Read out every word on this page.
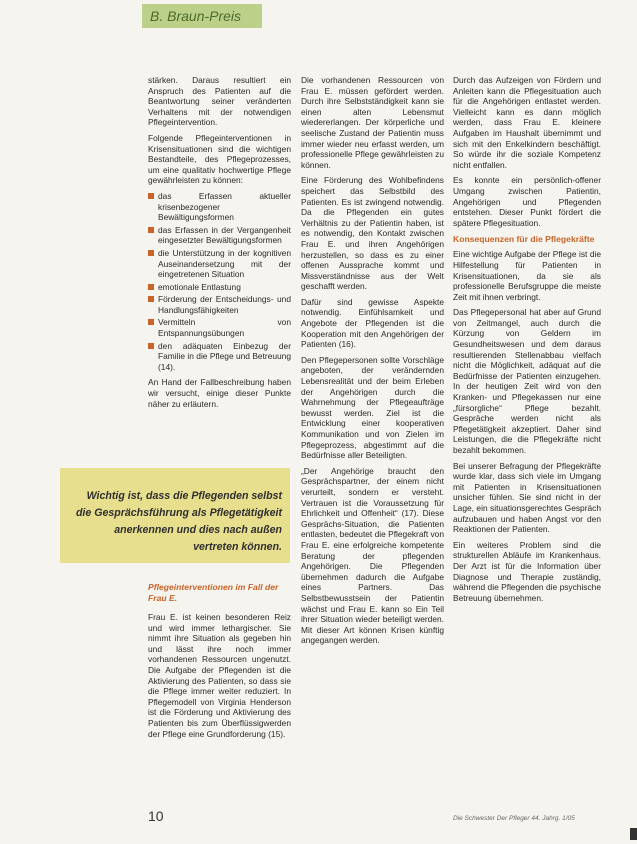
B. Braun-Preis

stärken. Daraus resultiert ein Anspruch des Patienten auf die Beantwortung seiner veränderten Verhaltens mit der notwendigen Pflegeintervention.

Folgende Pflegeinterventionen in Krisensituationen sind die wichtigen Bestandteile, des Pflegeprozesses, um eine qualitativ hochwertige Pflege gewährleisten zu können:

das Erfassen aktueller krisenbezogener Bewältigungsformen
das Erfassen in der Vergangenheit eingesetzter Bewältigungsformen
die Unterstützung in der kognitiven Auseinandersetzung mit der eingetretenen Situation
emotionale Entlastung
Förderung der Entscheidungs- und Handlungsfähigkeiten
Vermitteln von Entspannungsübungen
den adäquaten Einbezug der Familie in die Pflege und Betreuung (14).

An Hand der Fallbeschreibung haben wir versucht, einige dieser Punkte näher zu erläutern.

Wichtig ist, dass die Pflegenden selbst die Gesprächsführung als Pflegetätigkeit anerkennen und dies nach außen vertreten können.
Pflegeinterventionen im Fall der Frau E.

Frau E. ist keinen besonderen Reiz und wird immer lethargischer. Sie nimmt ihre Situation als gegeben hin und lässt ihre noch immer vorhandenen Ressourcen ungenutzt. Die Aufgabe der Pflegenden ist die Aktivierung des Patienten, so dass sie die Pflege immer weiter reduziert. In Pflegemodell von Virginia Henderson ist die Förderung und Aktivierung des Patienten bis zum Überflüssigwerden der Pflege eine Grundforderung (15).

Die vorhandenen Ressourcen von Frau E. müssen gefördert werden. Durch ihre Selbstständigkeit kann sie einen alten Lebensmut wiedererlangen. Der körperliche und seelische Zustand der Patientin muss immer wieder neu erfasst werden, um professionelle Pflege gewährleisten zu können.

Eine Förderung des Wohlbefindens speichert das Selbstbild des Patienten. Es ist zwingend notwendig. Da die Pflegenden ein gutes Verhältnis zu der Patientin haben, ist es notwendig, den Kontakt zwischen Frau E. und ihren Angehörigen herzustellen, so dass es zu einer offenen Aussprache kommt und Missverständnisse aus der Welt geschafft werden.

Dafür sind gewisse Aspekte notwendig. Einfühlsamkeit und Angebote der Pflegenden ist die Kooperation mit den Angehörigen der Patienten (16).

Den Pflegepersonen sollte Vorschläge angeboten, der verändernden Lebensrealität und der beim Erleben der Angehörigen durch die Wahrnehmung der Pflegeaufträge bewusst werden. Ziel ist die Entwicklung einer kooperativen Kommunikation und von Zielen im Pflegeprozess, abgestimmt auf die Bedürfnisse aller Beteiligten.

„Der Angehörige braucht den Gesprächspartner, der einem nicht verurteilt, sondern er versteht. Vertrauen ist die Voraussetzung für Ehrlichkeit und Offenheit“ (17). Diese Gesprächs-Situation, die Patienten entlasten, bedeutet die Pflegekraft von Frau E. eine erfolgreiche kompetente Beratung der pflegenden Angehörigen. Die Pflegenden übernehmen dadurch die Aufgabe eines Partners. Das Selbstbewusstsein der Patientin wächst und Frau E. kann so Ein Teil ihrer Situation wieder beteiligt werden. Mit dieser Art können Krisen künftig angegangen werden.

Durch das Aufzeigen von Fördern und Anleiten kann die Pflegesituation auch für die Angehörigen entlastet werden. Vielleicht kann es dann möglich werden, dass Frau E. kleinere Aufgaben im Haushalt übernimmt und sich mit den Enkelkindern beschäftigt. So würde ihr die soziale Kompetenz nicht entfallen.

Es konnte ein persönlich-offener Umgang zwischen Patientin, Angehörigen und Pflegenden entstehen. Dieser Punkt fördert die spätere Pflegesituation.

Konsequenzen für die Pflegekräfte

Eine wichtige Aufgabe der Pflege ist die Hilfestellung für Patienten in Krisensituationen, da sie als professionelle Berufsgruppe die meiste Zeit mit ihnen verbringt.

Das Pflegepersonal hat aber auf Grund von Zeitmangel, auch durch die Kürzung von Geldern im Gesundheitswesen und dem daraus resultierenden Stellenabbau vielfach nicht die Möglichkeit, adäquat auf die Bedürfnisse der Patienten einzugehen. In der heutigen Zeit wird von den Kranken- und Pflegekassen nur eine „fürsorgliche“ Pflege bezahlt. Gespräche werden nicht als Pflegetätigkeit akzeptiert. Daher sind Leistungen, die die Pflegekräfte nicht bezahlt bekommen.

Bei unserer Befragung der Pflegekräfte wurde klar, dass sich viele im Umgang mit Patienten in Krisensituationen unsicher fühlen. Sie sind nicht in der Lage, ein situationsgerechtes Gespräch aufzubauen und haben Angst vor den Reaktionen der Patienten.

Ein weiteres Problem sind die strukturellen Abläufe im Krankenhaus. Der Arzt ist für die Information über Diagnose und Therapie zuständig, während die Pflegenden die psychische Betreuung übernehmen.

10	Die Schwester Der Pfleger 44. Jahrg. 1/05
